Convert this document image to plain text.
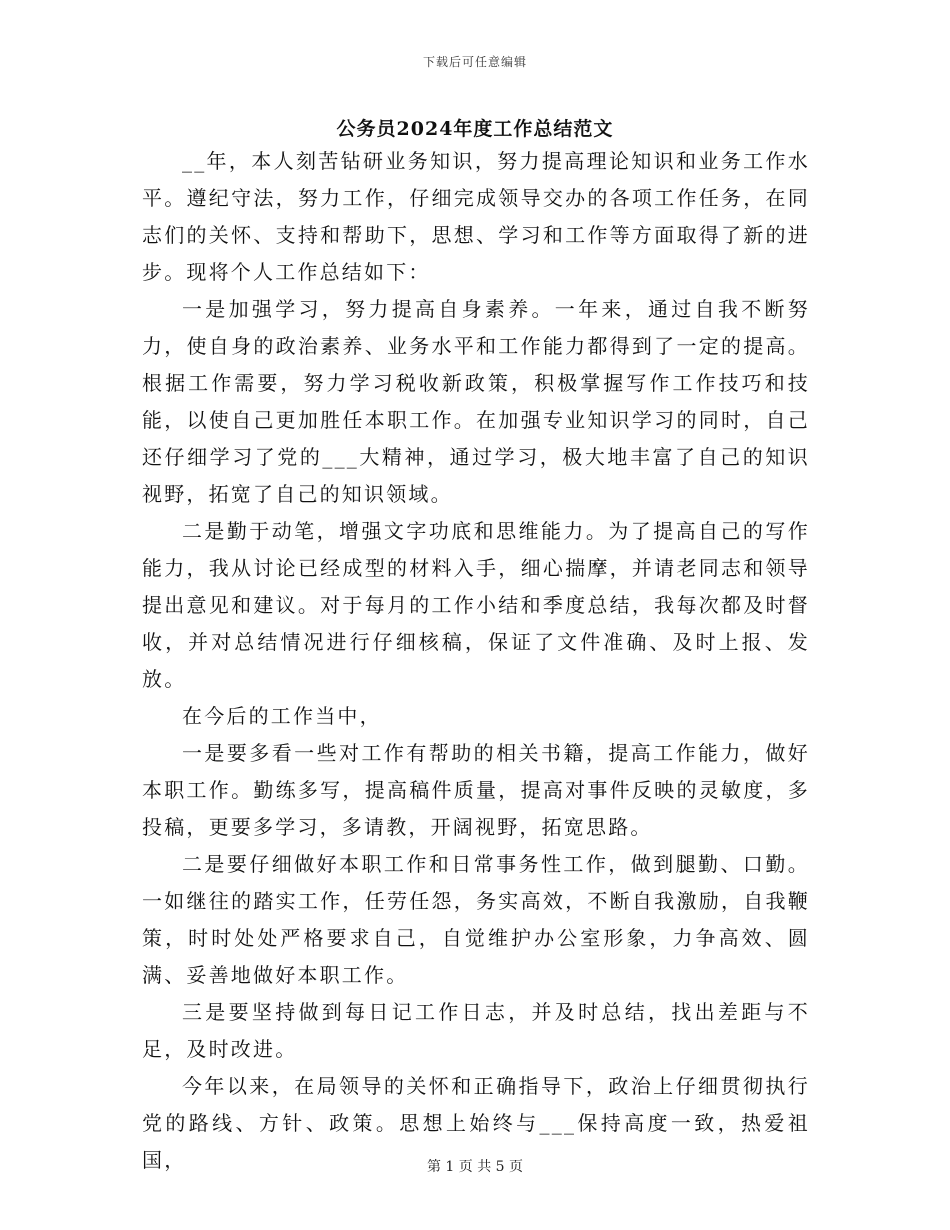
下载后可任意编辑
公务员2024年度工作总结范文

__年，本人刻苦钻研业务知识，努力提高理论知识和业务工作水平。遵纪守法，努力工作，仔细完成领导交办的各项工作任务，在同志们的关怀、支持和帮助下，思想、学习和工作等方面取得了新的进步。现将个人工作总结如下：

一是加强学习，努力提高自身素养。一年来，通过自我不断努力，使自身的政治素养、业务水平和工作能力都得到了一定的提高。根据工作需要，努力学习税收新政策，积极掌握写作工作技巧和技能，以使自己更加胜任本职工作。在加强专业知识学习的同时，自己还仔细学习了党的___大精神，通过学习，极大地丰富了自己的知识视野，拓宽了自己的知识领域。

二是勤于动笔，增强文字功底和思维能力。为了提高自己的写作能力，我从讨论已经成型的材料入手，细心揣摩，并请老同志和领导提出意见和建议。对于每月的工作小结和季度总结，我每次都及时督收，并对总结情况进行仔细核稿，保证了文件准确、及时上报、发放。

在今后的工作当中，

一是要多看一些对工作有帮助的相关书籍，提高工作能力，做好本职工作。勤练多写，提高稿件质量，提高对事件反映的灵敏度，多投稿，更要多学习，多请教，开阔视野，拓宽思路。

二是要仔细做好本职工作和日常事务性工作，做到腿勤、口勤。一如继往的踏实工作，任劳任怨，务实高效，不断自我激励，自我鞭策，时时处处严格要求自己，自觉维护办公室形象，力争高效、圆满、妥善地做好本职工作。

三是要坚持做到每日记工作日志，并及时总结，找出差距与不足，及时改进。

今年以来，在局领导的关怀和正确指导下，政治上仔细贯彻执行党的路线、方针、政策。思想上始终与___保持高度一致，热爱祖国，	第 1 页 共 5 页
